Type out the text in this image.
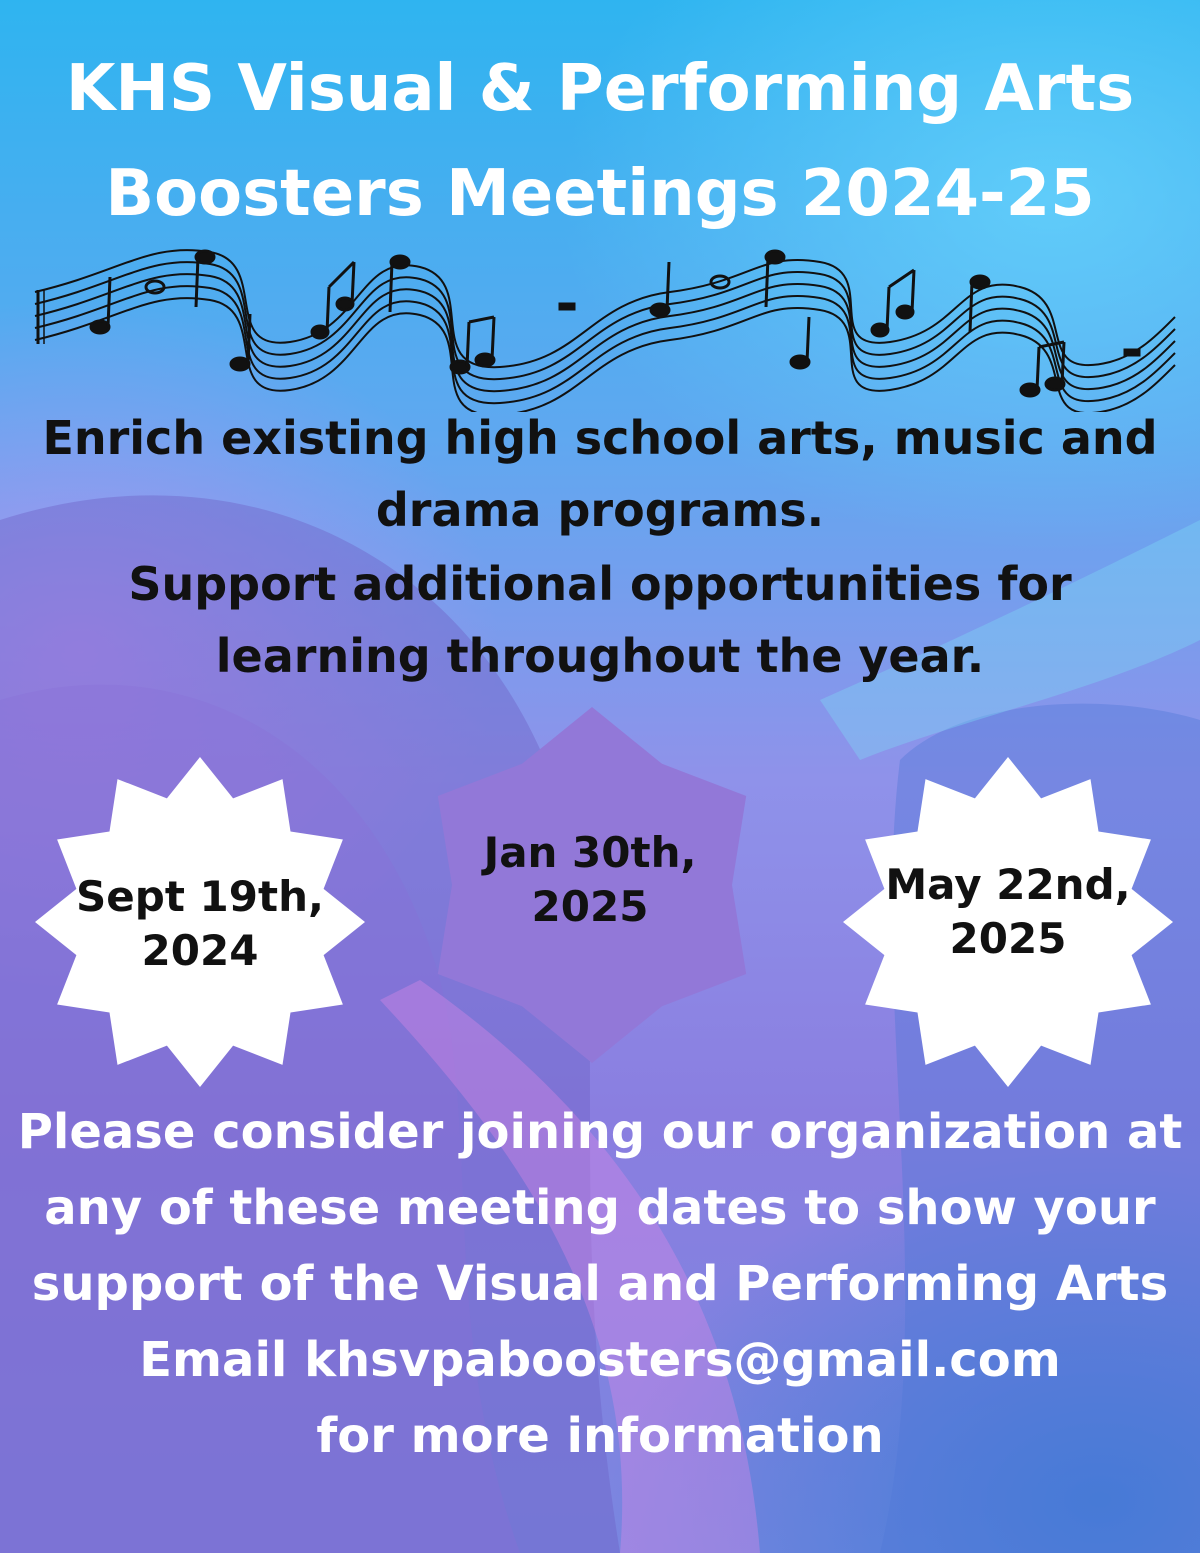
KHS Visual & Performing Arts
Boosters Meetings 2024-25

Enrich existing high school arts, music and

drama programs.

Support additional opportunities for

learning throughout the year.

Sept 19th,
2024
Jan 30th,
2025	May 22nd,
2025

Please consider joining our organization at

any of these meeting dates to show your

support of the Visual and Performing Arts

Email khsvpaboosters@gmail.com

for more information
